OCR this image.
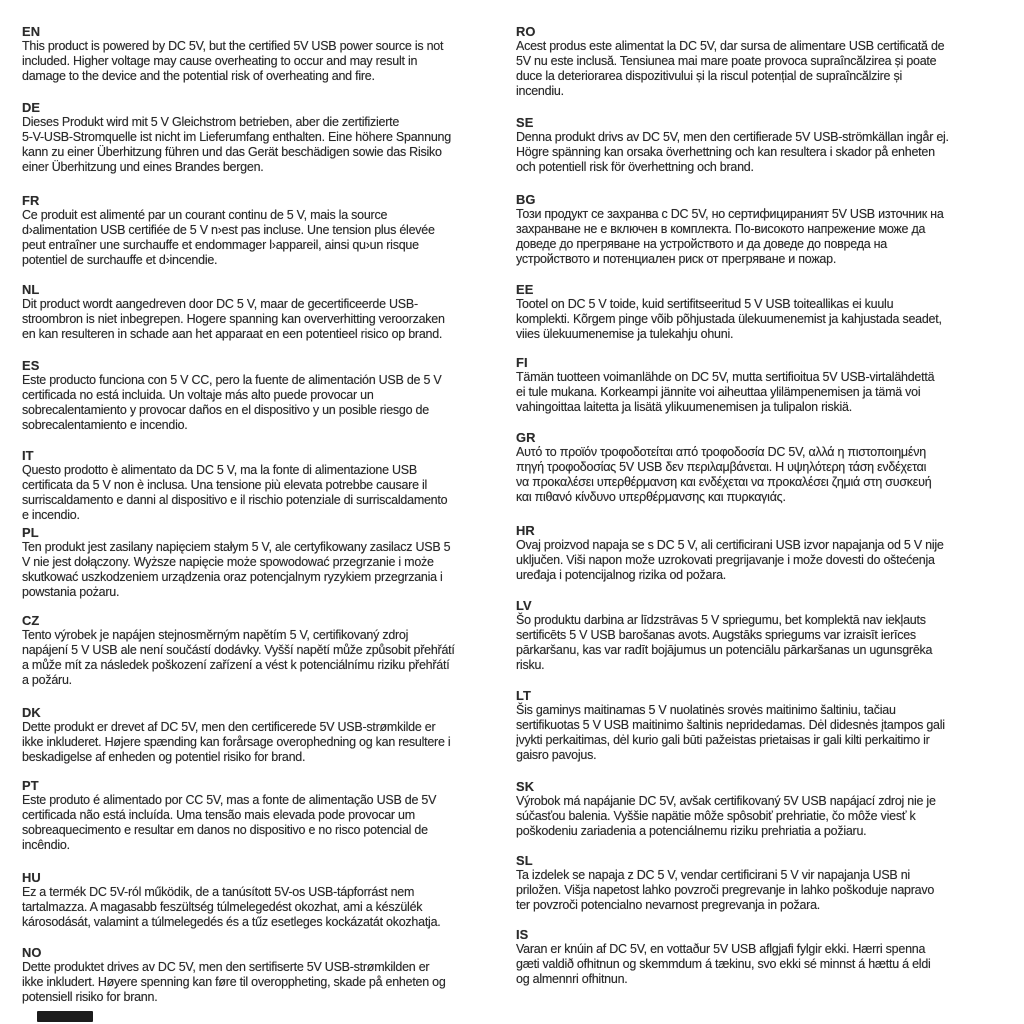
EN
This product is powered by DC 5V, but the certified 5V USB power source is not
included. Higher voltage may cause overheating to occur and may result in
damage to the device and the potential risk of overheating and fire.
DE
Dieses Produkt wird mit 5 V Gleichstrom betrieben, aber die zertifizierte
5-V-USB-Stromquelle ist nicht im Lieferumfang enthalten. Eine höhere Spannung
kann zu einer Überhitzung führen und das Gerät beschädigen sowie das Risiko
einer Überhitzung und eines Brandes bergen.
FR
Ce produit est alimenté par un courant continu de 5 V, mais la source
d›alimentation USB certifiée de 5 V n›est pas incluse. Une tension plus élevée
peut entraîner une surchauffe et endommager l›appareil, ainsi qu›un risque
potentiel de surchauffe et d›incendie.
NL
Dit product wordt aangedreven door DC 5 V, maar de gecertificeerde USB-
stroombron is niet inbegrepen. Hogere spanning kan oververhitting veroorzaken
en kan resulteren in schade aan het apparaat en een potentieel risico op brand.
ES
Este producto funciona con 5 V CC, pero la fuente de alimentación USB de 5 V
certificada no está incluida. Un voltaje más alto puede provocar un
sobrecalentamiento y provocar daños en el dispositivo y un posible riesgo de
sobrecalentamiento e incendio.
IT
Questo prodotto è alimentato da DC 5 V, ma la fonte di alimentazione USB
certificata da 5 V non è inclusa. Una tensione più elevata potrebbe causare il
surriscaldamento e danni al dispositivo e il rischio potenziale di surriscaldamento
e incendio.
PL
Ten produkt jest zasilany napięciem stałym 5 V, ale certyfikowany zasilacz USB 5
V nie jest dołączony. Wyższe napięcie może spowodować przegrzanie i może
skutkować uszkodzeniem urządzenia oraz potencjalnym ryzykiem przegrzania i
powstania pożaru.
CZ
Tento výrobek je napájen stejnosměrným napětím 5 V, certifikovaný zdroj
napájení 5 V USB ale není součástí dodávky. Vyšší napětí může způsobit přehřátí
a může mít za následek poškození zařízení a vést k potenciálnímu riziku přehřátí
a požáru.
DK
Dette produkt er drevet af DC 5V, men den certificerede 5V USB-strømkilde er
ikke inkluderet. Højere spænding kan forårsage overophedning og kan resultere i
beskadigelse af enheden og potentiel risiko for brand.
PT
Este produto é alimentado por CC 5V, mas a fonte de alimentação USB de 5V
certificada não está incluída. Uma tensão mais elevada pode provocar um
sobreaquecimento e resultar em danos no dispositivo e no risco potencial de
incêndio.
HU
Ez a termék DC 5V-ról működik, de a tanúsított 5V-os USB-tápforrást nem
tartalmazza. A magasabb feszültség túlmelegedést okozhat, ami a készülék
károsodását, valamint a túlmelegedés és a tűz esetleges kockázatát okozhatja.
NO
Dette produktet drives av DC 5V, men den sertifiserte 5V USB-strømkilden er
ikke inkludert. Høyere spenning kan føre til overoppheting, skade på enheten og
potensiell risiko for brann.
RO
Acest produs este alimentat la DC 5V, dar sursa de alimentare USB certificată de
5V nu este inclusă. Tensiunea mai mare poate provoca supraîncălzirea și poate
duce la deteriorarea dispozitivului și la riscul potențial de supraîncălzire și
incendiu.
SE
Denna produkt drivs av DC 5V, men den certifierade 5V USB-strömkällan ingår ej.
Högre spänning kan orsaka överhettning och kan resultera i skador på enheten
och potentiell risk för överhettning och brand.
BG
Този продукт се захранва с DC 5V, но сертифицираният 5V USB източник на
захранване не е включен в комплекта. По-високото напрежение може да
доведе до прегряване на устройството и да доведе до повреда на
устройството и потенциален риск от прегряване и пожар.
EE
Tootel on DC 5 V toide, kuid sertifitseeritud 5 V USB toiteallikas ei kuulu
komplekti. Kõrgem pinge võib põhjustada ülekuumenemist ja kahjustada seadet,
viies ülekuumenemise ja tulekahju ohuni.
FI
Tämän tuotteen voimanlähde on DC 5V, mutta sertifioitua 5V USB-virtalähdettä
ei tule mukana. Korkeampi jännite voi aiheuttaa ylilämpenemisen ja tämä voi
vahingoittaa laitetta ja lisätä ylikuumenemisen ja tulipalon riskiä.
GR
Αυτό το προϊόν τροφοδοτείται από τροφοδοσία DC 5V, αλλά η πιστοποιημένη
πηγή τροφοδοσίας 5V USB δεν περιλαμβάνεται. Η υψηλότερη τάση ενδέχεται
να προκαλέσει υπερθέρμανση και ενδέχεται να προκαλέσει ζημιά στη συσκευή
και πιθανό κίνδυνο υπερθέρμανσης και πυρκαγιάς.
HR
Ovaj proizvod napaja se s DC 5 V, ali certificirani USB izvor napajanja od 5 V nije
uključen. Viši napon može uzrokovati pregrijavanje i može dovesti do oštećenja
uređaja i potencijalnog rizika od požara.
LV
Šo produktu darbina ar līdzstrāvas 5 V spriegumu, bet komplektā nav iekļauts
sertificēts 5 V USB barošanas avots. Augstāks spriegums var izraisīt ierīces
pārkaršanu, kas var radīt bojājumus un potenciālu pārkaršanas un ugunsgrēka
risku.
LT
Šis gaminys maitinamas 5 V nuolatinės srovės maitinimo šaltiniu, tačiau
sertifikuotas 5 V USB maitinimo šaltinis nepridedamas. Dėl didesnės įtampos gali
įvykti perkaitimas, dėl kurio gali būti pažeistas prietaisas ir gali kilti perkaitimo ir
gaisro pavojus.
SK
Výrobok má napájanie DC 5V, avšak certifikovaný 5V USB napájací zdroj nie je
súčasťou balenia. Vyššie napätie môže spôsobiť prehriatie, čo môže viesť k
poškodeniu zariadenia a potenciálnemu riziku prehriatia a požiaru.
SL
Ta izdelek se napaja z DC 5 V, vendar certificirani 5 V vir napajanja USB ni
priložen. Višja napetost lahko povzroči pregrevanje in lahko poškoduje napravo
ter povzroči potencialno nevarnost pregrevanja in požara.
IS
Varan er knúin af DC 5V, en vottaður 5V USB aflgjafi fylgir ekki. Hærri spenna
gæti valdið ofhitnun og skemmdum á tækinu, svo ekki sé minnst á hættu á eldi
og almennri ofhitnun.
